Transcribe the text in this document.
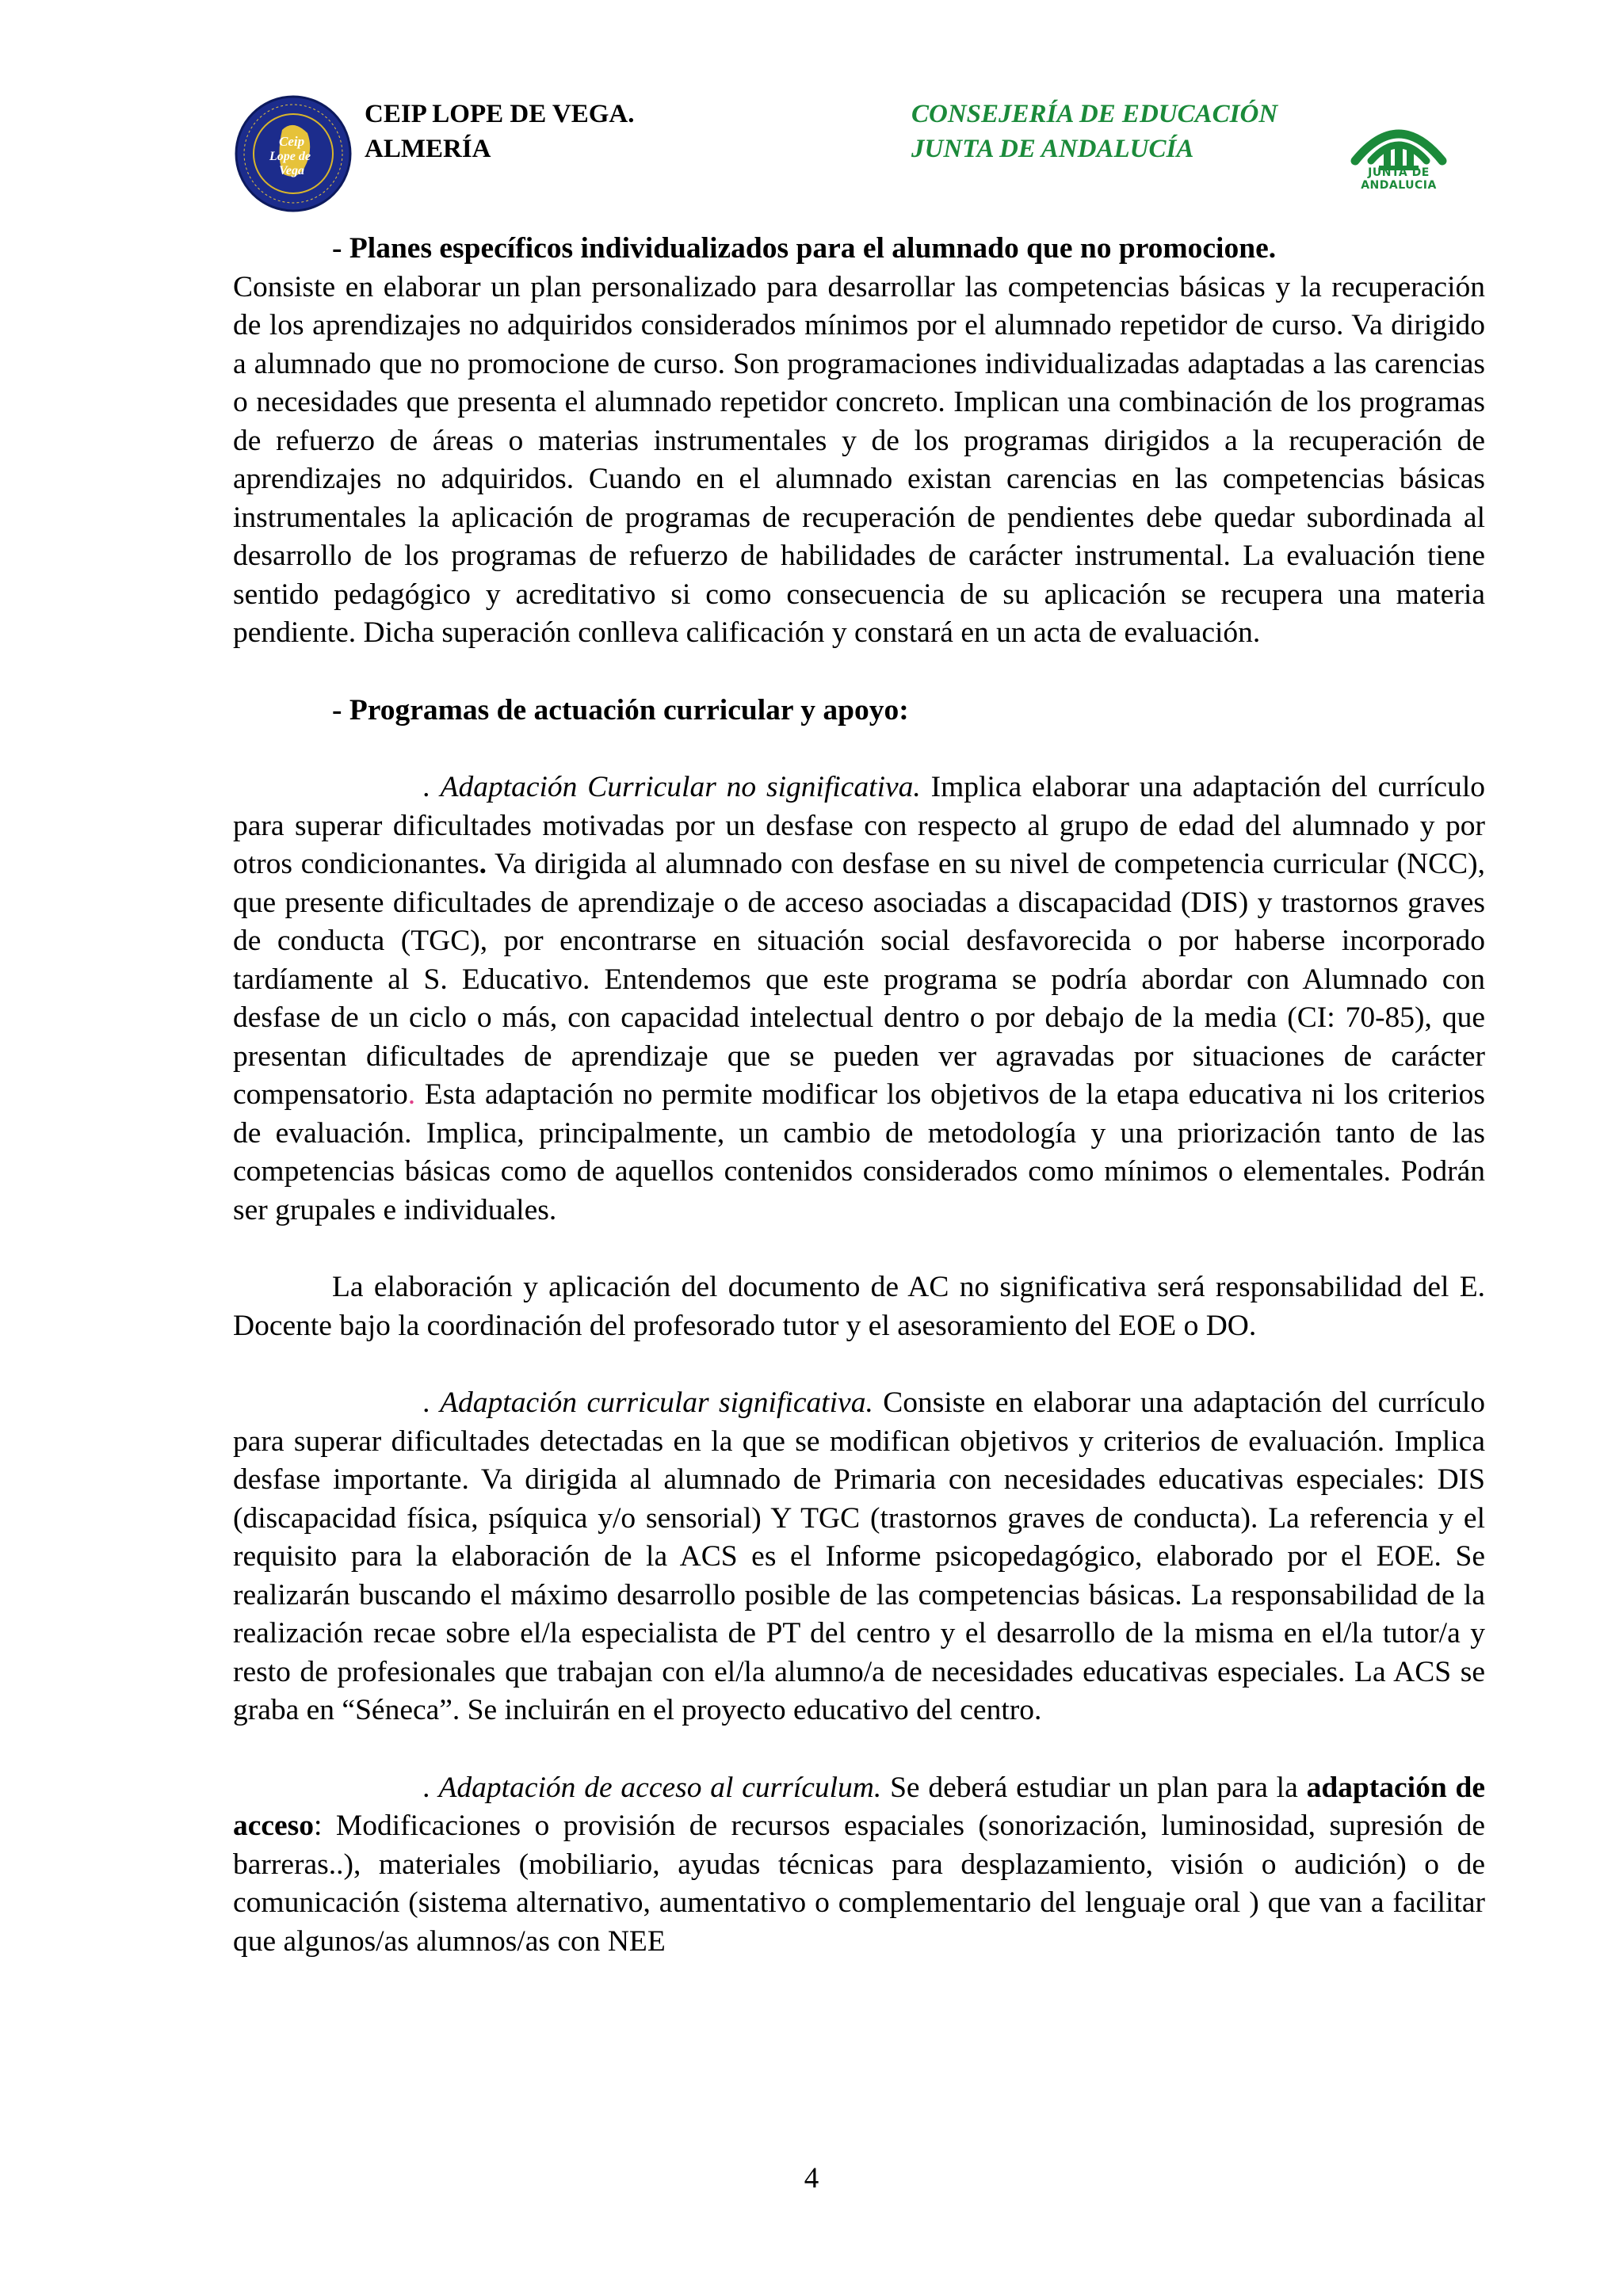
Ceip
Lope de
Vega
CEIP LOPE DE VEGA.
ALMERÍA
CONSEJERÍA DE EDUCACIÓN
JUNTA DE ANDALUCÍA
JUNTA DE ANDALUCIA

- Planes específicos individualizados para el alumnado que no promocione.
Consiste en elaborar un plan personalizado para desarrollar las competencias básicas y la recuperación de los aprendizajes no adquiridos considerados mínimos por el alumnado repetidor de curso. Va dirigido a alumnado que no promocione de curso. Son programaciones individualizadas adaptadas a las carencias o necesidades que presenta el alumnado repetidor concreto. Implican una combinación de los programas de refuerzo de áreas o materias instrumentales y de los programas dirigidos a la recuperación de aprendizajes no adquiridos. Cuando en el alumnado existan carencias en las competencias básicas instrumentales la aplicación de programas de recuperación de pendientes debe quedar subordinada al desarrollo de los programas de refuerzo de habilidades de carácter instrumental. La evaluación tiene sentido pedagógico y acreditativo si como consecuencia de su aplicación se recupera una materia pendiente. Dicha superación conlleva calificación y constará en un acta de evaluación.

- Programas de actuación curricular y apoyo:

. Adaptación Curricular no significativa. Implica elaborar una adaptación del currículo para superar dificultades motivadas por un desfase con respecto al grupo de edad del alumnado y por otros condicionantes. Va dirigida al alumnado con desfase en su nivel de competencia curricular (NCC), que presente dificultades de aprendizaje o de acceso asociadas a discapacidad (DIS) y trastornos graves de conducta (TGC), por encontrarse en situación social desfavorecida o por haberse incorporado tardíamente al S. Educativo. Entendemos que este programa se podría abordar con Alumnado con desfase de un ciclo o más, con capacidad intelectual dentro o por debajo de la media (CI: 70-85), que presentan dificultades de aprendizaje que se pueden ver agravadas por situaciones de carácter compensatorio. Esta adaptación no permite modificar los objetivos de la etapa educativa ni los criterios de evaluación. Implica, principalmente, un cambio de metodología y una priorización tanto de las competencias básicas como de aquellos contenidos considerados como mínimos o elementales. Podrán ser grupales e individuales.

La elaboración y aplicación del documento de AC no significativa será responsabilidad del E. Docente bajo la coordinación del profesorado tutor y el asesoramiento del EOE o DO.

. Adaptación curricular significativa. Consiste en elaborar una adaptación del currículo para superar dificultades detectadas en la que se modifican objetivos y criterios de evaluación. Implica desfase importante. Va dirigida al alumnado de Primaria con necesidades educativas especiales: DIS (discapacidad física, psíquica y/o sensorial) Y TGC (trastornos graves de conducta). La referencia y el requisito para la elaboración de la ACS es el Informe psicopedagógico, elaborado por el EOE. Se realizarán buscando el máximo desarrollo posible de las competencias básicas. La responsabilidad de la realización recae sobre el/la especialista de PT del centro y el desarrollo de la misma en el/la tutor/a y resto de profesionales que trabajan con el/la alumno/a de necesidades educativas especiales. La ACS se graba en “Séneca”. Se incluirán en el proyecto educativo del centro.

. Adaptación de acceso al currículum. Se deberá estudiar un plan para la adaptación de acceso: Modificaciones o provisión de recursos espaciales (sonorización, luminosidad, supresión de barreras..), materiales (mobiliario, ayudas técnicas para desplazamiento, visión o audición) o de comunicación (sistema alternativo, aumentativo o complementario del lenguaje oral ) que van a facilitar que algunos/as alumnos/as con NEE

4
